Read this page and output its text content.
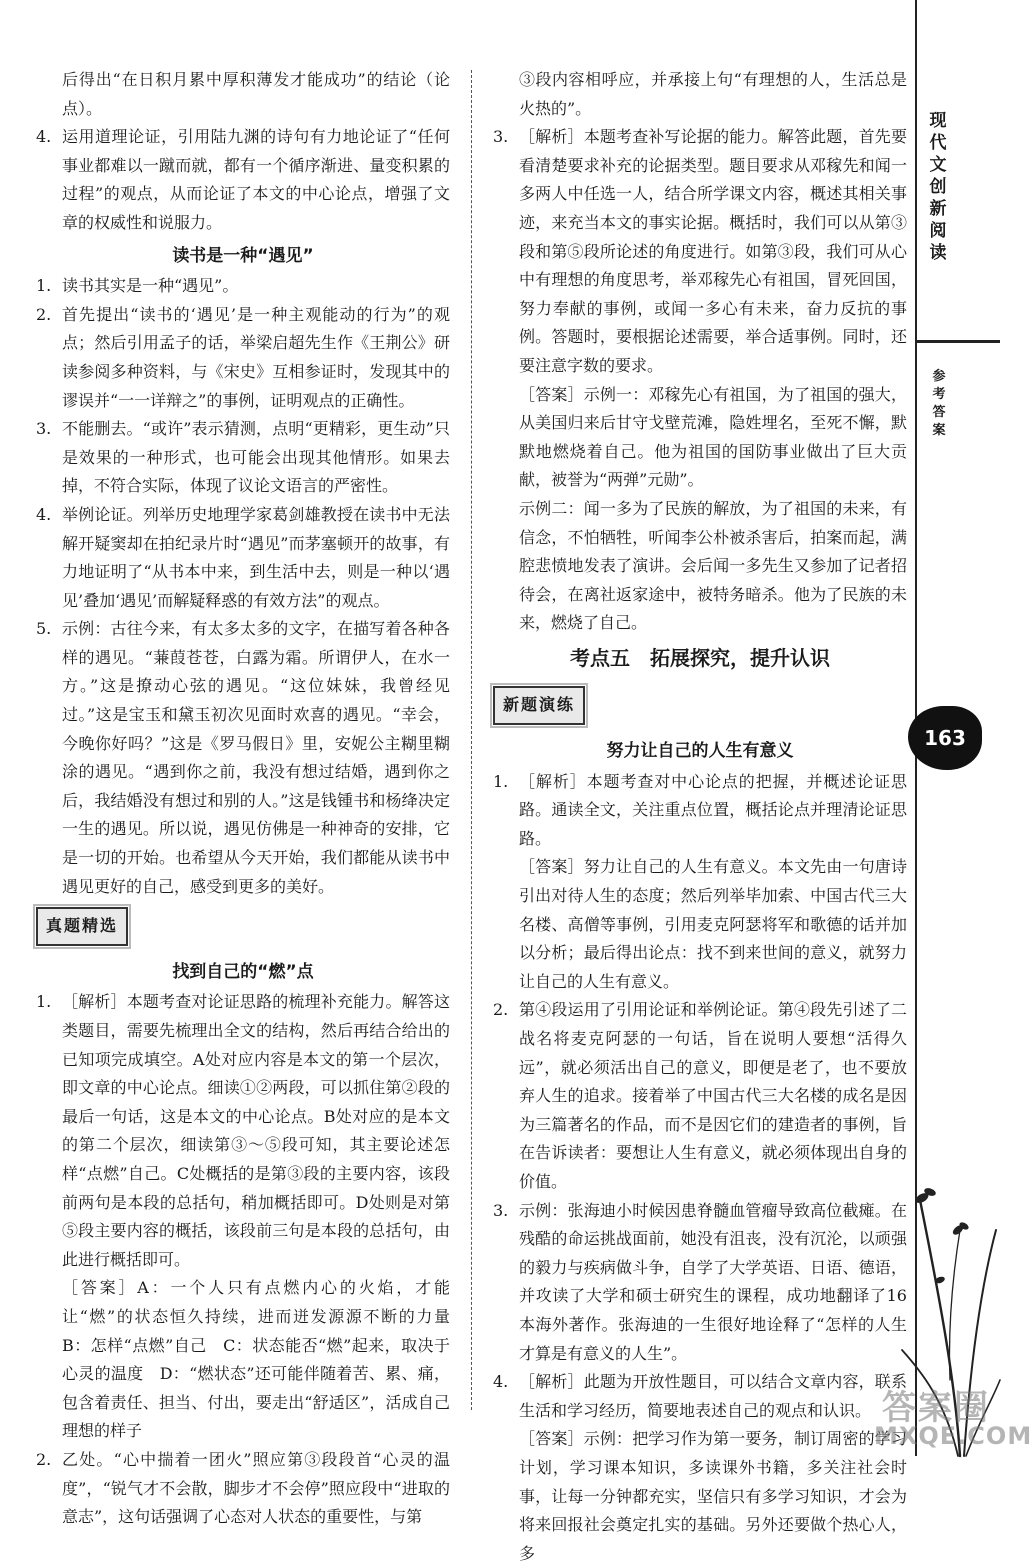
后得出“在日积月累中厚积薄发才能成功”的结论（论点）。

4. 运用道理论证，引用陆九渊的诗句有力地论证了“任何事业都难以一蹴而就，都有一个循序渐进、量变积累的过程”的观点，从而论证了本文的中心论点，增强了文章的权威性和说服力。
读书是一种“遇见”
1. 读书其实是一种“遇见”。
2. 首先提出“读书的‘遇见’是一种主观能动的行为”的观点；然后引用孟子的话，举梁启超先生作《王荆公》研读参阅多种资料，与《宋史》互相参证时，发现其中的谬误并“一一详辩之”的事例，证明观点的正确性。
3. 不能删去。“或许”表示猜测，点明“更精彩，更生动”只是效果的一种形式，也可能会出现其他情形。如果去掉，不符合实际，体现了议论文语言的严密性。
4. 举例论证。列举历史地理学家葛剑雄教授在读书中无法解开疑窦却在拍纪录片时“遇见”而茅塞顿开的故事，有力地证明了“从书本中来，到生活中去，则是一种以‘遇见’叠加‘遇见’而解疑释惑的有效方法”的观点。
5. 示例：古往今来，有太多太多的文字，在描写着各种各样的遇见。“蒹葭苍苍，白露为霜。所谓伊人，在水一方。”这是撩动心弦的遇见。“这位妹妹，我曾经见过。”这是宝玉和黛玉初次见面时欢喜的遇见。“幸会，今晚你好吗？”这是《罗马假日》里，安妮公主糊里糊涂的遇见。“遇到你之前，我没有想过结婚，遇到你之后，我结婚没有想过和别的人。”这是钱锺书和杨绛决定一生的遇见。所以说，遇见仿佛是一种神奇的安排，它是一切的开始。也希望从今天开始，我们都能从读书中遇见更好的自己，感受到更多的美好。
真题精选
找到自己的“燃”点
1. ［解析］本题考查对论证思路的梳理补充能力。解答这类题目，需要先梳理出全文的结构，然后再结合给出的已知项完成填空。A处对应内容是本文的第一个层次，即文章的中心论点。细读①②两段，可以抓住第②段的最后一句话，这是本文的中心论点。B处对应的是本文的第二个层次，细读第③～⑤段可知，其主要论述怎样“点燃”自己。C处概括的是第③段的主要内容，该段前两句是本段的总括句，稍加概括即可。D处则是对第⑤段主要内容的概括，该段前三句是本段的总括句，由此进行概括即可。

［答案］A：一个人只有点燃内心的火焰，才能让“燃”的状态恒久持续，进而迸发源源不断的力量　B：怎样“点燃”自己　C：状态能否“燃”起来，取决于心灵的温度　D：“燃状态”还可能伴随着苦、累、痛，包含着责任、担当、付出，要走出“舒适区”，活成自己理想的样子

2. 乙处。“心中揣着一团火”照应第③段段首“心灵的温度”，“锐气才不会散，脚步才不会停”照应段中“进取的意志”，这句话强调了心态对人状态的重要性，与第

③段内容相呼应，并承接上句“有理想的人，生活总是火热的”。

3. ［解析］本题考查补写论据的能力。解答此题，首先要看清楚要求补充的论据类型。题目要求从邓稼先和闻一多两人中任选一人，结合所学课文内容，概述其相关事迹，来充当本文的事实论据。概括时，我们可以从第③段和第⑤段所论述的角度进行。如第③段，我们可从心中有理想的角度思考，举邓稼先心有祖国，冒死回国，努力奉献的事例，或闻一多心有未来，奋力反抗的事例。答题时，要根据论述需要，举合适事例。同时，还要注意字数的要求。

［答案］示例一：邓稼先心有祖国，为了祖国的强大，从美国归来后甘守戈壁荒滩，隐姓埋名，至死不懈，默默地燃烧着自己。他为祖国的国防事业做出了巨大贡献，被誉为“两弹”元勋”。

示例二：闻一多为了民族的解放，为了祖国的未来，有信念，不怕牺牲，听闻李公朴被杀害后，拍案而起，满腔悲愤地发表了演讲。会后闻一多先生又参加了记者招待会，在离社返家途中，被特务暗杀。他为了民族的未来，燃烧了自己。

考点五　拓展探究，提升认识
新题演练
努力让自己的人生有意义
1. ［解析］本题考查对中心论点的把握，并概述论证思路。通读全文，关注重点位置，概括论点并理清论证思路。

［答案］努力让自己的人生有意义。本文先由一句唐诗引出对待人生的态度；然后列举毕加索、中国古代三大名楼、高僧等事例，引用麦克阿瑟将军和歌德的话并加以分析；最后得出论点：找不到来世间的意义，就努力让自己的人生有意义。

2. 第④段运用了引用论证和举例论证。第④段先引述了二战名将麦克阿瑟的一句话，旨在说明人要想“活得久远”，就必须活出自己的意义，即便是老了，也不要放弃人生的追求。接着举了中国古代三大名楼的成名是因为三篇著名的作品，而不是因它们的建造者的事例，旨在告诉读者：要想让人生有意义，就必须体现出自身的价值。
3. 示例：张海迪小时候因患脊髓血管瘤导致高位截瘫。在残酷的命运挑战面前，她没有沮丧，没有沉沦，以顽强的毅力与疾病做斗争，自学了大学英语、日语、德语，并攻读了大学和硕士研究生的课程，成功地翻译了16本海外著作。张海迪的一生很好地诠释了“怎样的人生才算是有意义的人生”。
4. ［解析］此题为开放性题目，可以结合文章内容，联系生活和学习经历，简要地表述自己的观点和认识。

［答案］示例：把学习作为第一要务，制订周密的学习计划，学习课本知识，多读课外书籍，多关注社会时事，让每一分钟都充实，坚信只有多学习知识，才会为将来回报社会奠定扎实的基础。另外还要做个热心人，多

现代文创新阅读
参考答案
163
答案圈
MXQE.COM
